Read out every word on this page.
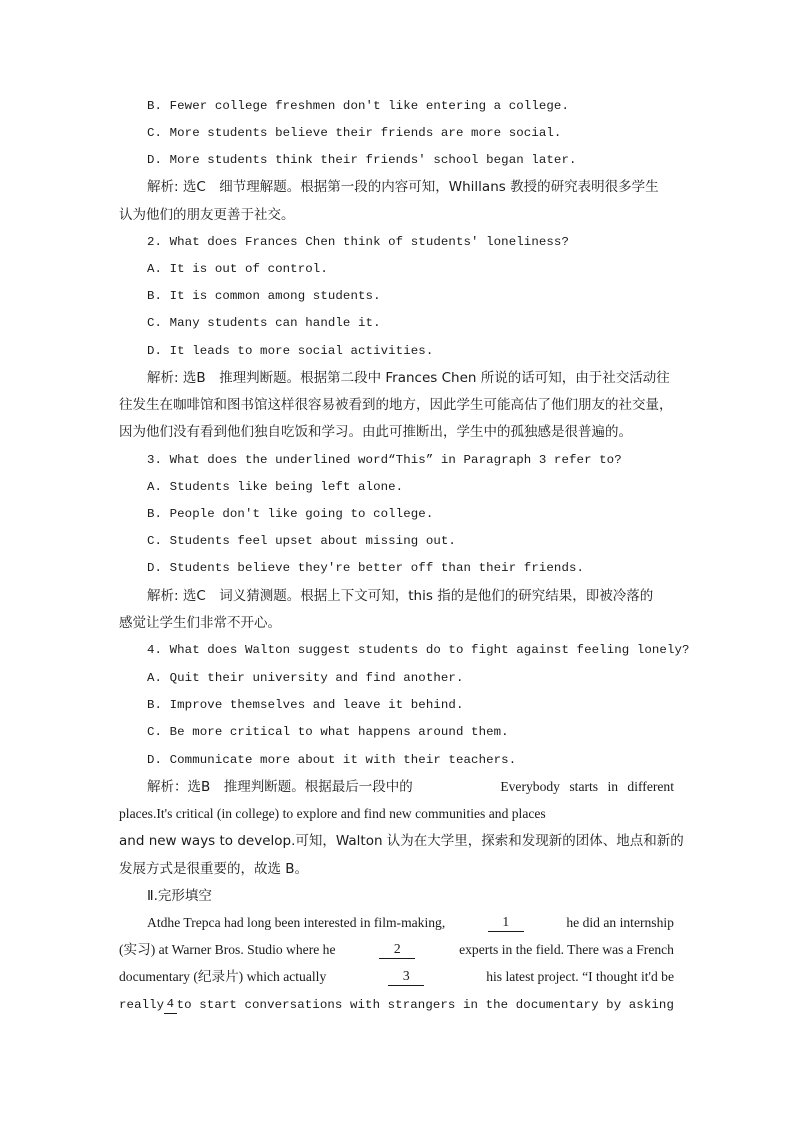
B. Fewer college freshmen don't like entering a college.
C. More students believe their friends are more social.
D. More students think their friends' school began later.
解析: 选C　细节理解题。根据第一段的内容可知，Whillans 教授的研究表明很多学生
认为他们的朋友更善于社交。
2. What does Frances Chen think of students' loneliness?
A. It is out of control.
B. It is common among students.
C. Many students can handle it.
D. It leads to more social activities.
解析: 选B　推理判断题。根据第二段中 Frances Chen 所说的话可知，由于社交活动往
往发生在咖啡馆和图书馆这样很容易被看到的地方，因此学生可能高估了他们朋友的社交量，
因为他们没有看到他们独自吃饭和学习。由此可推断出，学生中的孤独感是很普遍的。
3. What does the underlined word“This” in Paragraph 3 refer to?
A. Students like being left alone.
B. People don't like going to college.
C. Students feel upset about missing out.
D. Students believe they're better off than their friends.
解析: 选C　词义猜测题。根据上下文可知，this 指的是他们的研究结果，即被冷落的
感觉让学生们非常不开心。
4. What does Walton suggest students do to fight against feeling lonely?
A. Quit their university and find another.
B. Improve themselves and leave it behind.
C. Be more critical to what happens around them.
D. Communicate more about it with their teachers.
解析：选B　推理判断题。根据最后一段中的	Everybody starts in different
places.It's critical (in college) to explore and find new communities and places
and new ways to develop.可知，Walton 认为在大学里，探索和发现新的团体、地点和新的
发展方式是很重要的，故选 B。
Ⅱ.完形填空
Atdhe Trepca had long been interested in film-making,	1	he did an internship
(实习) at Warner Bros. Studio where he	2	experts in the field. There was a French
documentary (纪录片) which actually	3	his latest project. “I thought it'd be
really 4 to start conversations with strangers in the documentary by asking
